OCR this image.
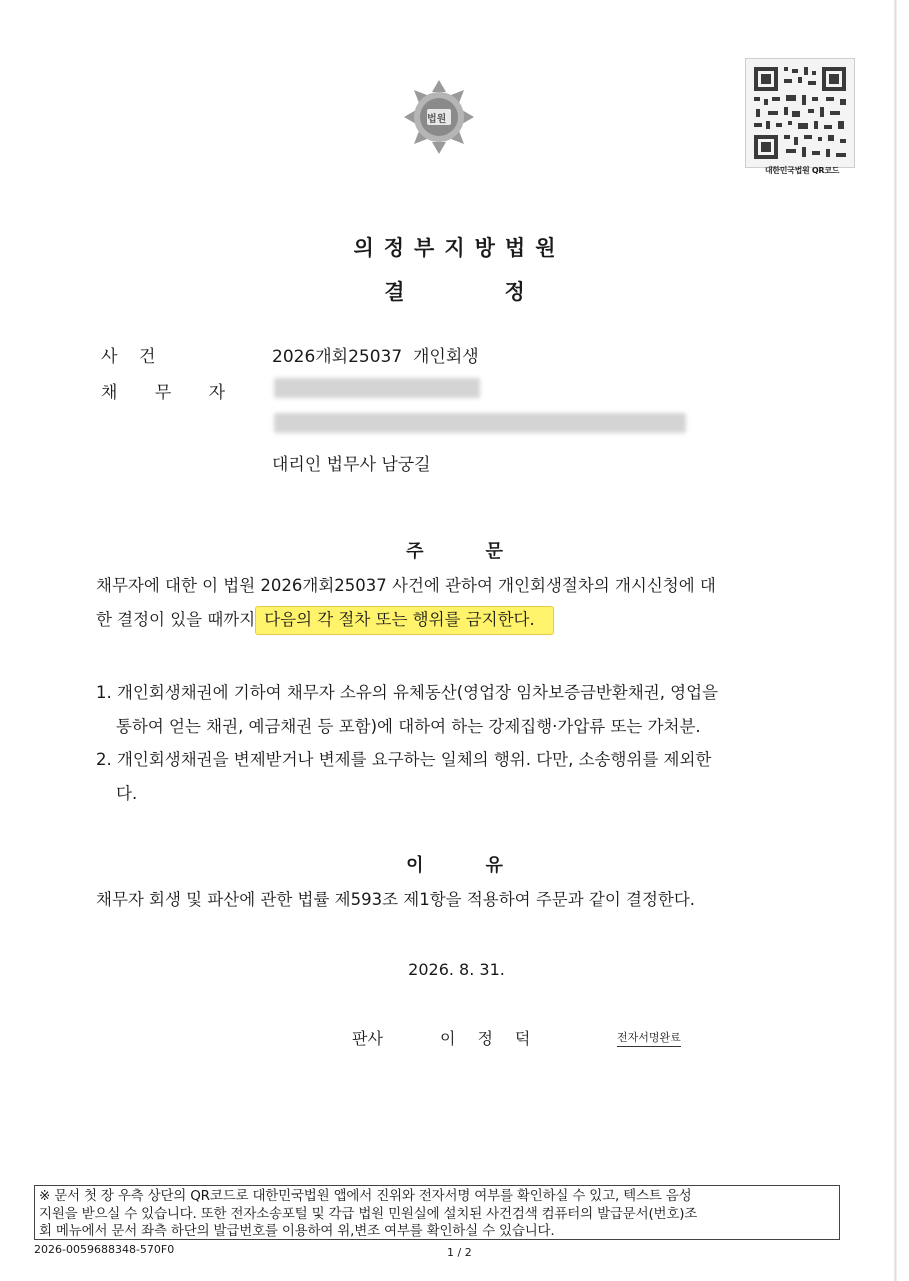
법원
대한민국법원 QR코드
의정부지방법원
결정
사    건	2026개회25037  개인회생
채 무 자
대리인 법무사 남궁길
주문
채무자에 대한 이 법원 2026개회25037 사건에 관하여 개인회생절차의 개시신청에 대
한 결정이 있을 때까지 다음의 각 절차 또는 행위를 금지한다.
1. 개인회생채권에 기하여 채무자 소유의 유체동산(영업장 임차보증금반환채권, 영업을
통하여 얻는 채권, 예금채권 등 포함)에 대하여 하는 강제집행·가압류 또는 가처분.
2. 개인회생채권을 변제받거나 변제를 요구하는 일체의 행위. 다만, 소송행위를 제외한
다.
이유
채무자 회생 및 파산에 관한 법률 제593조 제1항을 적용하여 주문과 같이 결정한다.
2026. 8. 31.
판사	이정덕	전자서명완료
※ 문서 첫 장 우측 상단의 QR코드로 대한민국법원 앱에서 진위와 전자서명 여부를 확인하실 수 있고, 텍스트 음성
지원을 받으실 수 있습니다. 또한 전자소송포털 및 각급 법원 민원실에 설치된 사건검색 컴퓨터의 발급문서(번호)조
회 메뉴에서 문서 좌측 하단의 발급번호를 이용하여 위,변조 여부를 확인하실 수 있습니다.
2026-0059688348-570F0	1 / 2
